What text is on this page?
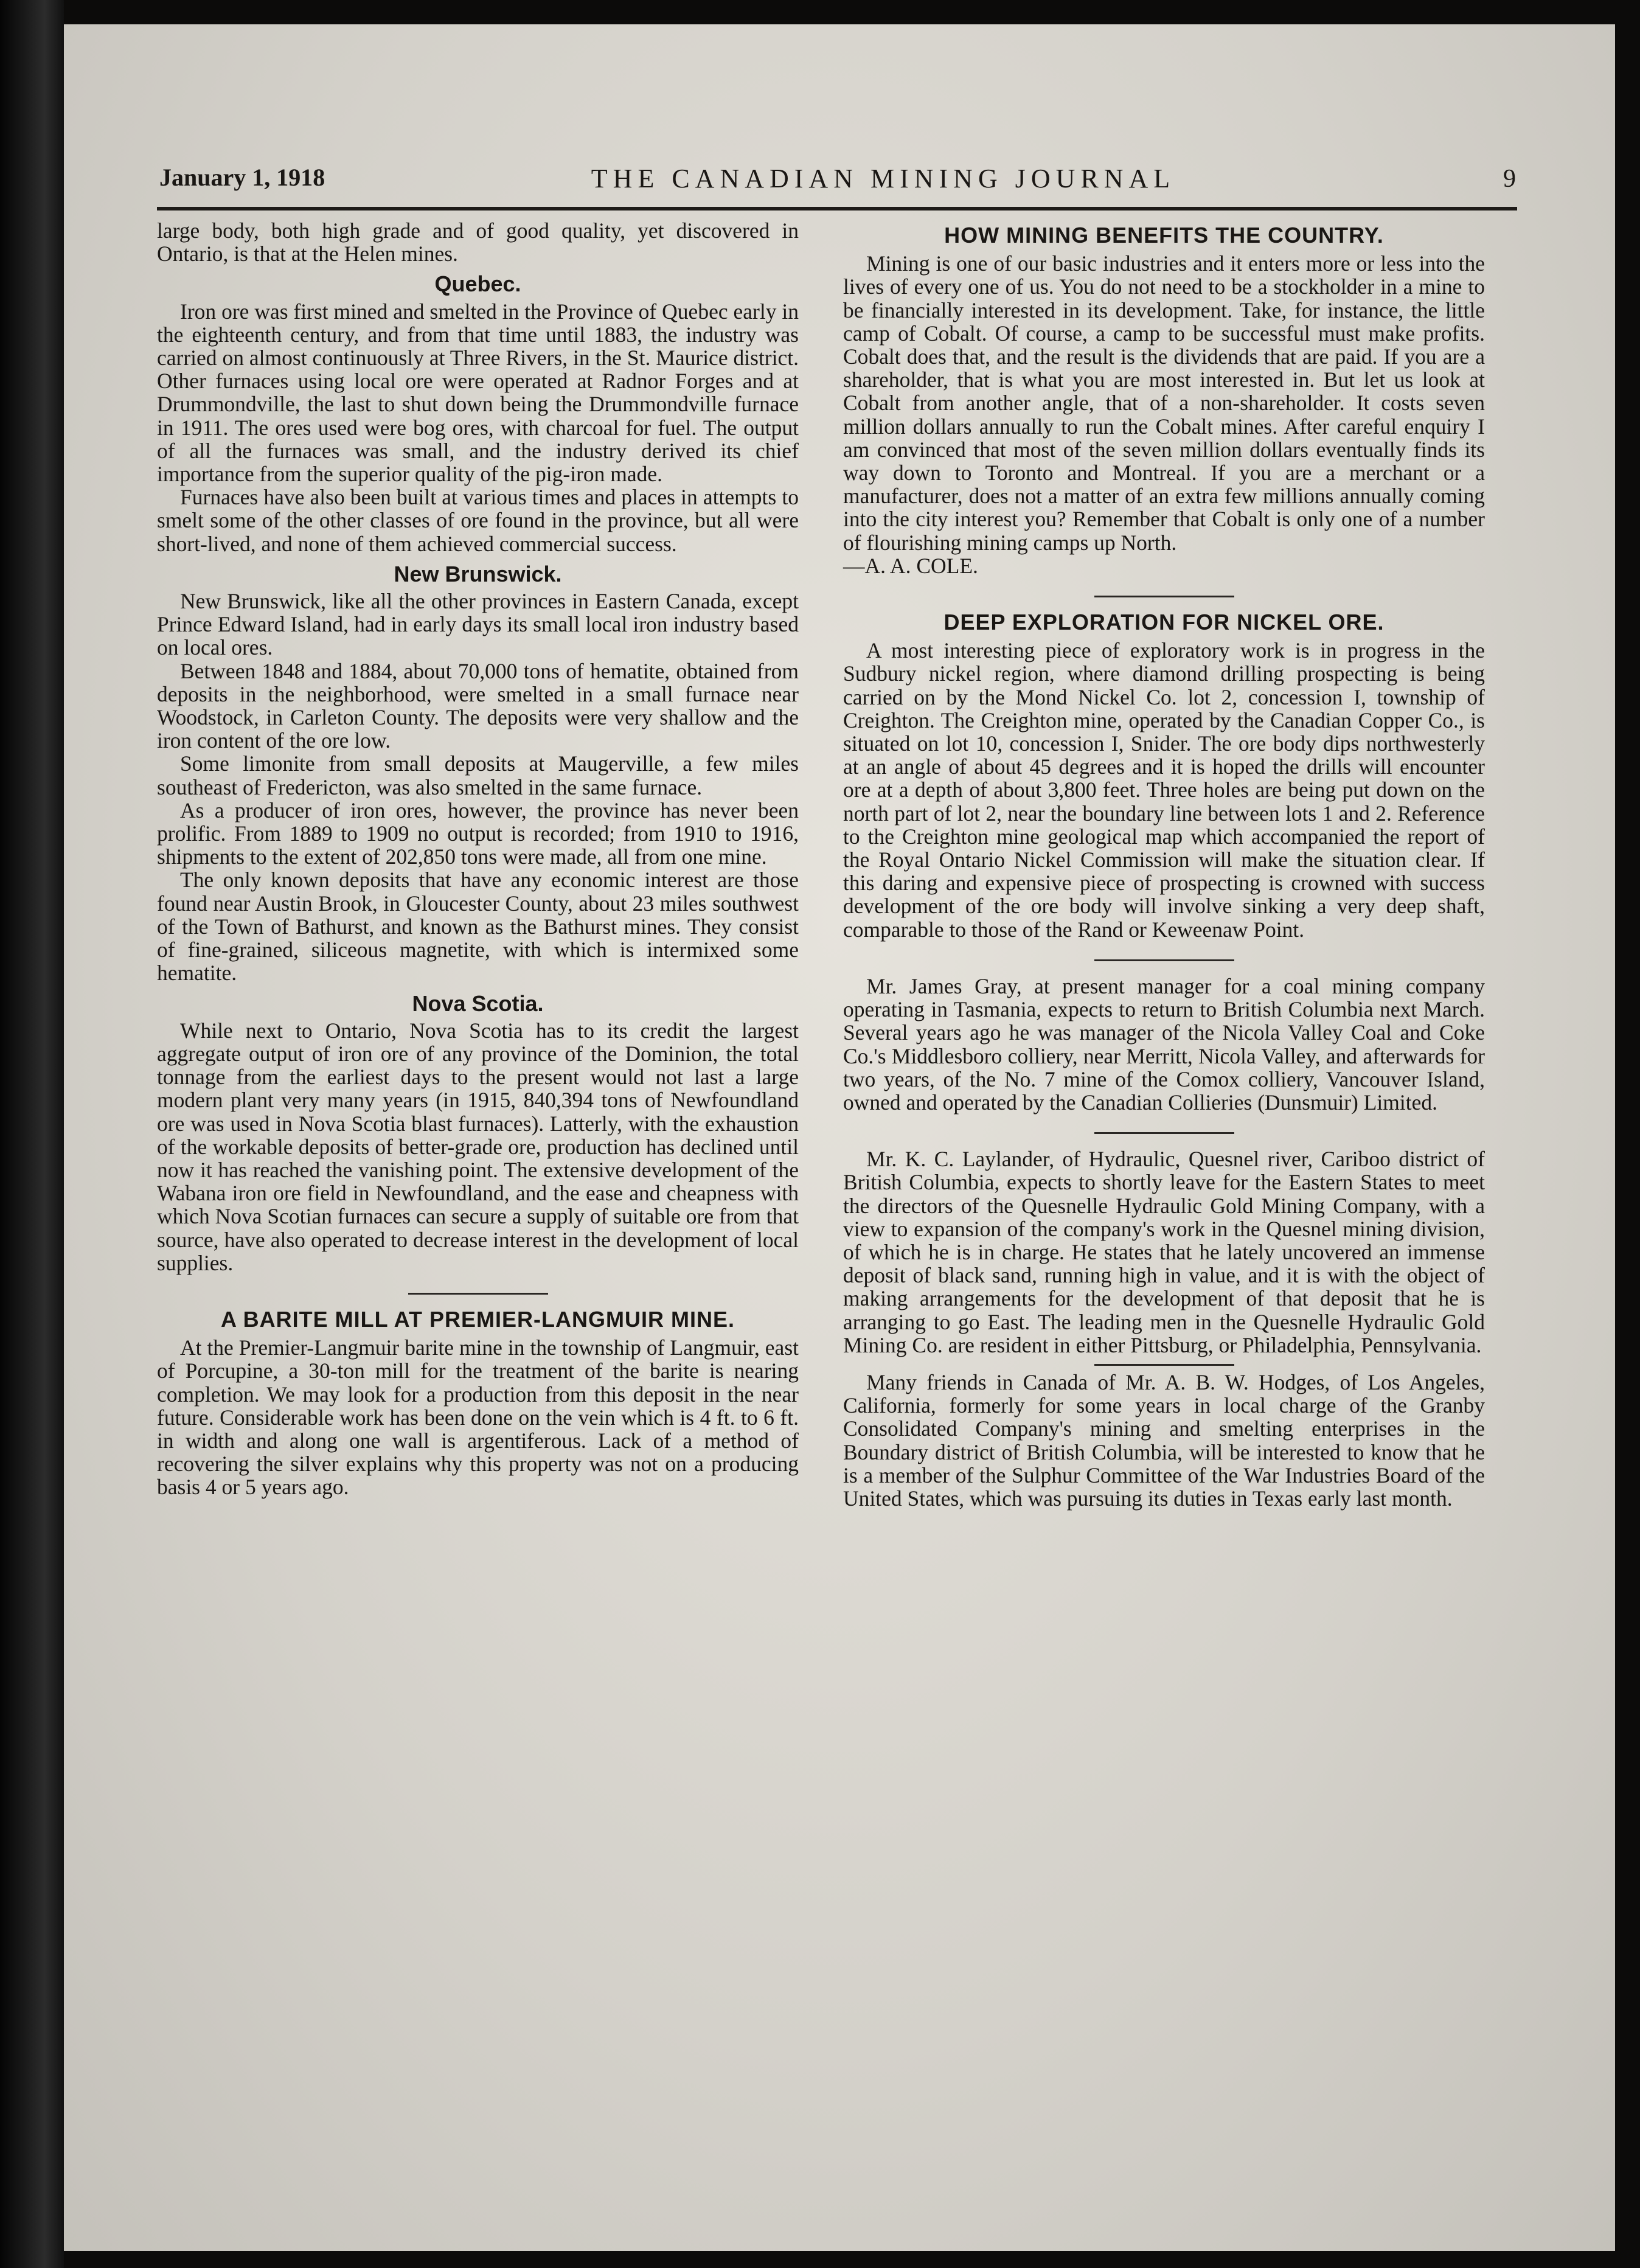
January 1, 1918	THE CANADIAN MINING JOURNAL	9

large body, both high grade and of good quality, yet discovered in Ontario, is that at the Helen mines.

Quebec.

Iron ore was first mined and smelted in the Province of Quebec early in the eighteenth century, and from that time until 1883, the industry was carried on almost continuously at Three Rivers, in the St. Maurice district. Other furnaces using local ore were operated at Radnor Forges and at Drummondville, the last to shut down being the Drummondville furnace in 1911. The ores used were bog ores, with charcoal for fuel. The output of all the furnaces was small, and the industry derived its chief importance from the superior quality of the pig-iron made.

Furnaces have also been built at various times and places in attempts to smelt some of the other classes of ore found in the province, but all were short-lived, and none of them achieved commercial success.

New Brunswick.

New Brunswick, like all the other provinces in Eastern Canada, except Prince Edward Island, had in early days its small local iron industry based on local ores.

Between 1848 and 1884, about 70,000 tons of hematite, obtained from deposits in the neighborhood, were smelted in a small furnace near Woodstock, in Carleton County. The deposits were very shallow and the iron content of the ore low.

Some limonite from small deposits at Maugerville, a few miles southeast of Fredericton, was also smelted in the same furnace.

As a producer of iron ores, however, the province has never been prolific. From 1889 to 1909 no output is recorded; from 1910 to 1916, shipments to the extent of 202,850 tons were made, all from one mine.

The only known deposits that have any economic interest are those found near Austin Brook, in Gloucester County, about 23 miles southwest of the Town of Bathurst, and known as the Bathurst mines. They consist of fine-grained, siliceous magnetite, with which is intermixed some hematite.

Nova Scotia.

While next to Ontario, Nova Scotia has to its credit the largest aggregate output of iron ore of any province of the Dominion, the total tonnage from the earliest days to the present would not last a large modern plant very many years (in 1915, 840,394 tons of Newfoundland ore was used in Nova Scotia blast furnaces). Latterly, with the exhaustion of the workable deposits of better-grade ore, production has declined until now it has reached the vanishing point. The extensive development of the Wabana iron ore field in Newfoundland, and the ease and cheapness with which Nova Scotian furnaces can secure a supply of suitable ore from that source, have also operated to decrease interest in the development of local supplies.

A BARITE MILL AT PREMIER-LANGMUIR MINE.

At the Premier-Langmuir barite mine in the township of Langmuir, east of Porcupine, a 30-ton mill for the treatment of the barite is nearing completion. We may look for a production from this deposit in the near future. Considerable work has been done on the vein which is 4 ft. to 6 ft. in width and along one wall is argentiferous. Lack of a method of recovering the silver explains why this property was not on a producing basis 4 or 5 years ago.

HOW MINING BENEFITS THE COUNTRY.

Mining is one of our basic industries and it enters more or less into the lives of every one of us. You do not need to be a stockholder in a mine to be financially interested in its development. Take, for instance, the little camp of Cobalt. Of course, a camp to be successful must make profits. Cobalt does that, and the result is the dividends that are paid. If you are a shareholder, that is what you are most interested in. But let us look at Cobalt from another angle, that of a non-shareholder. It costs seven million dollars annually to run the Cobalt mines. After careful enquiry I am convinced that most of the seven million dollars eventually finds its way down to Toronto and Montreal. If you are a merchant or a manufacturer, does not a matter of an extra few millions annually coming into the city interest you? Remember that Cobalt is only one of a number of flourishing mining camps up North.

—A. A. COLE.

DEEP EXPLORATION FOR NICKEL ORE.

A most interesting piece of exploratory work is in progress in the Sudbury nickel region, where diamond drilling prospecting is being carried on by the Mond Nickel Co. lot 2, concession I, township of Creighton. The Creighton mine, operated by the Canadian Copper Co., is situated on lot 10, concession I, Snider. The ore body dips northwesterly at an angle of about 45 degrees and it is hoped the drills will encounter ore at a depth of about 3,800 feet. Three holes are being put down on the north part of lot 2, near the boundary line between lots 1 and 2. Reference to the Creighton mine geological map which accompanied the report of the Royal Ontario Nickel Commission will make the situation clear. If this daring and expensive piece of prospecting is crowned with success development of the ore body will involve sinking a very deep shaft, comparable to those of the Rand or Keweenaw Point.

Mr. James Gray, at present manager for a coal mining company operating in Tasmania, expects to return to British Columbia next March. Several years ago he was manager of the Nicola Valley Coal and Coke Co.'s Middlesboro colliery, near Merritt, Nicola Valley, and afterwards for two years, of the No. 7 mine of the Comox colliery, Vancouver Island, owned and operated by the Canadian Collieries (Dunsmuir) Limited.

Mr. K. C. Laylander, of Hydraulic, Quesnel river, Cariboo district of British Columbia, expects to shortly leave for the Eastern States to meet the directors of the Quesnelle Hydraulic Gold Mining Company, with a view to expansion of the company's work in the Quesnel mining division, of which he is in charge. He states that he lately uncovered an immense deposit of black sand, running high in value, and it is with the object of making arrangements for the development of that deposit that he is arranging to go East. The leading men in the Quesnelle Hydraulic Gold Mining Co. are resident in either Pittsburg, or Philadelphia, Pennsylvania.

Many friends in Canada of Mr. A. B. W. Hodges, of Los Angeles, California, formerly for some years in local charge of the Granby Consolidated Company's mining and smelting enterprises in the Boundary district of British Columbia, will be interested to know that he is a member of the Sulphur Committee of the War Industries Board of the United States, which was pursuing its duties in Texas early last month.
